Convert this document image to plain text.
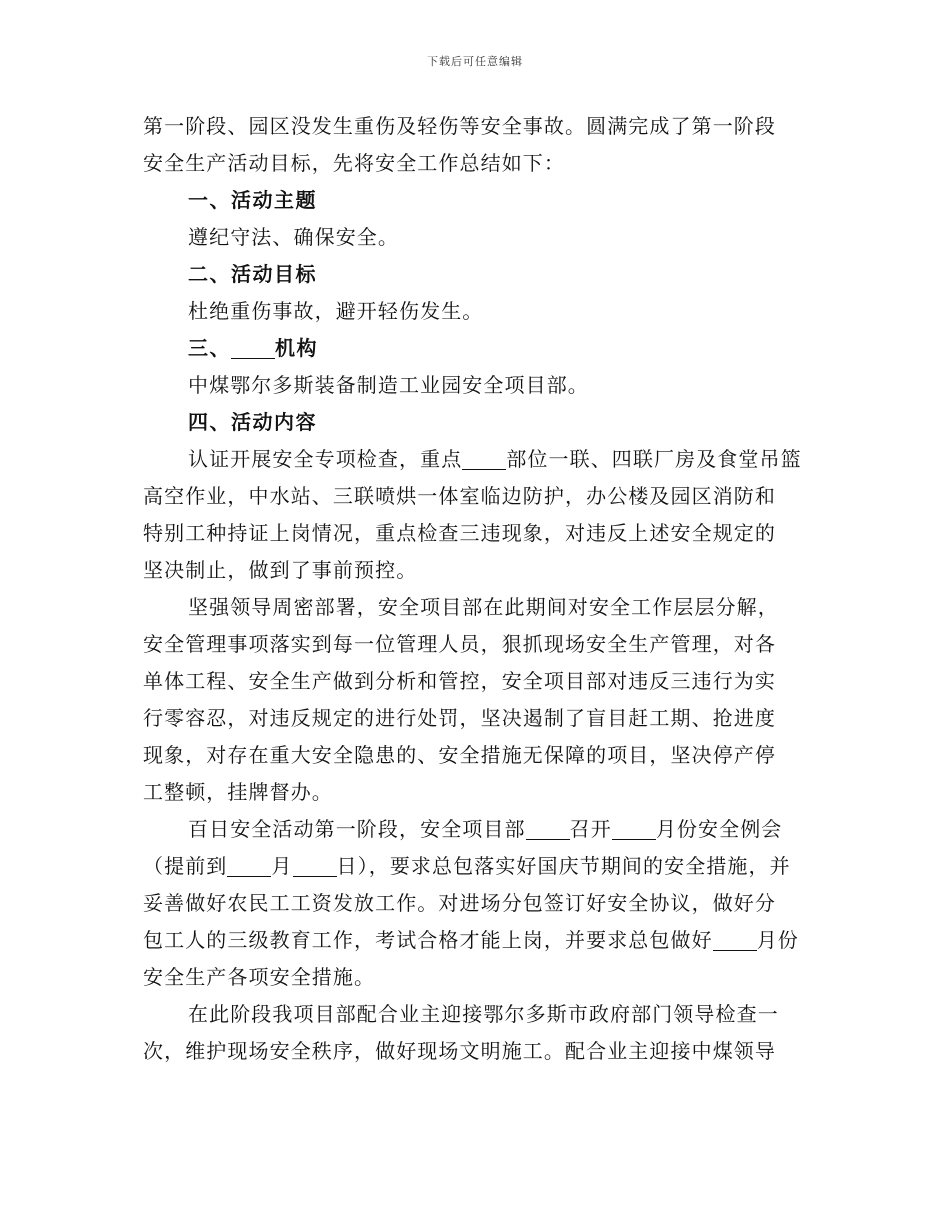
下载后可任意编辑
第一阶段、园区没发生重伤及轻伤等安全事故。圆满完成了第一阶段
安全生产活动目标，先将安全工作总结如下：
一、活动主题
遵纪守法、确保安全。
二、活动目标
杜绝重伤事故，避开轻伤发生。
三、 机构
中煤鄂尔多斯装备制造工业园安全项目部。
四、活动内容
认证开展安全专项检查，重点 部位一联、四联厂房及食堂吊篮
高空作业，中水站、三联喷烘一体室临边防护，办公楼及园区消防和
特别工种持证上岗情况，重点检查三违现象，对违反上述安全规定的
坚决制止，做到了事前预控。
坚强领导周密部署，安全项目部在此期间对安全工作层层分解，
安全管理事项落实到每一位管理人员，狠抓现场安全生产管理，对各
单体工程、安全生产做到分析和管控，安全项目部对违反三违行为实
行零容忍，对违反规定的进行处罚，坚决遏制了盲目赶工期、抢进度
现象，对存在重大安全隐患的、安全措施无保障的项目，坚决停产停
工整顿，挂牌督办。
百日安全活动第一阶段，安全项目部 召开 月份安全例会
（提前到 月 日），要求总包落实好国庆节期间的安全措施，并
妥善做好农民工工资发放工作。对进场分包签订好安全协议，做好分
包工人的三级教育工作，考试合格才能上岗，并要求总包做好 月份
安全生产各项安全措施。
在此阶段我项目部配合业主迎接鄂尔多斯市政府部门领导检查一
次，维护现场安全秩序，做好现场文明施工。配合业主迎接中煤领导
